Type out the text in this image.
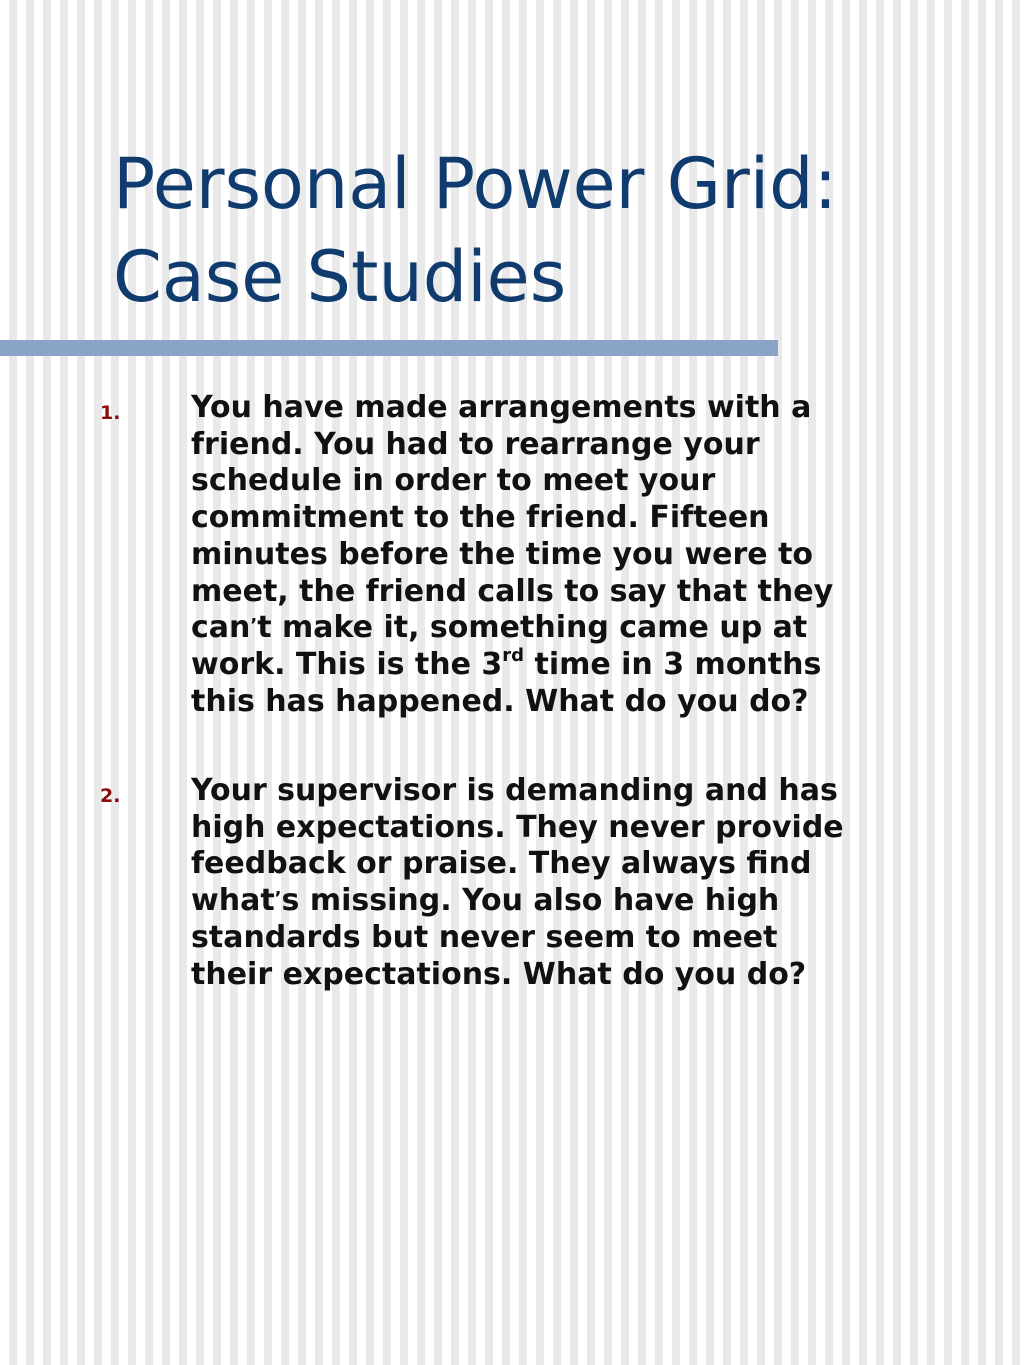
Personal Power Grid:
Case Studies
1. You have made arrangements with a
friend. You had to rearrange your
schedule in order to meet your
commitment to the friend. Fifteen
minutes before the time you were to
meet, the friend calls to say that they
can’t make it, something came up at
work. This is the 3rd time in 3 months
this has happened. What do you do?
2. Your supervisor is demanding and has
high expectations. They never provide
feedback or praise. They always find
what’s missing. You also have high
standards but never seem to meet
their expectations. What do you do?
